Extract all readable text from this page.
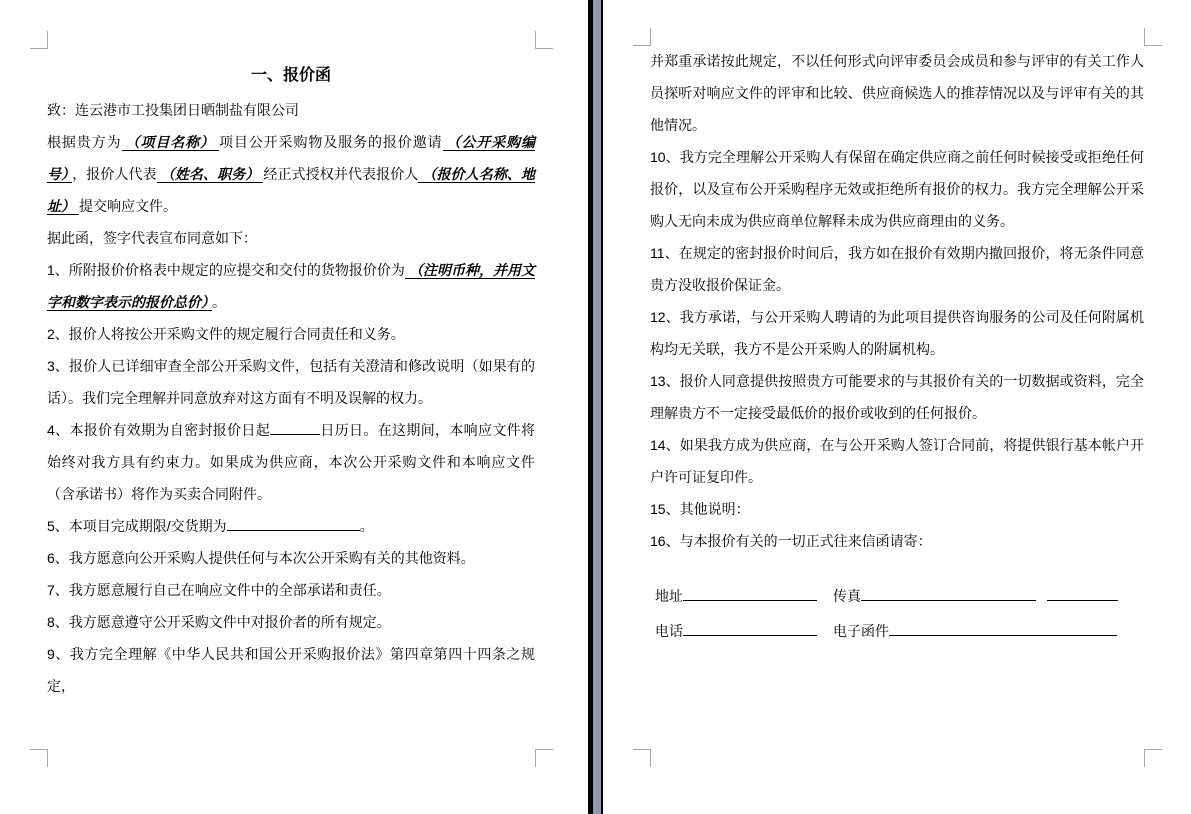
一、报价函

致：连云港市工投集团日晒制盐有限公司

根据贵方为 （项目名称） 项目公开采购物及服务的报价邀请 （公开采购编号） ，报价人代表 （姓名、职务） 经正式授权并代表报价人 （报价人名称、地址） 提交响应文件。

据此函，签字代表宣布同意如下：

1、所附报价价格表中规定的应提交和交付的货物报价价为 （注明币种，并用文字和数字表示的报价总价） 。

2、报价人将按公开采购文件的规定履行合同责任和义务。

3、报价人已详细审查全部公开采购文件，包括有关澄清和修改说明（如果有的话）。我们完全理解并同意放弃对这方面有不明及误解的权力。

4、本报价有效期为自密封报价日起	日历日。在这期间，本响应文件将始终对我方具有约束力。如果成为供应商，本次公开采购文件和本响应文件（含承诺书）将作为买卖合同附件。

5、本项目完成期限/交货期为	。

6、我方愿意向公开采购人提供任何与本次公开采购有关的其他资料。

7、我方愿意履行自己在响应文件中的全部承诺和责任。

8、我方愿意遵守公开采购文件中对报价者的所有规定。

9、我方完全理解《中华人民共和国公开采购报价法》第四章第四十四条之规定，

并郑重承诺按此规定，不以任何形式向评审委员会成员和参与评审的有关工作人员探听对响应文件的评审和比较、供应商候选人的推荐情况以及与评审有关的其他情况。

10、我方完全理解公开采购人有保留在确定供应商之前任何时候接受或拒绝任何报价，以及宣布公开采购程序无效或拒绝所有报价的权力。我方完全理解公开采购人无向未成为供应商单位解释未成为供应商理由的义务。

11、在规定的密封报价时间后，我方如在报价有效期内撤回报价，将无条件同意贵方没收报价保证金。

12、我方承诺，与公开采购人聘请的为此项目提供咨询服务的公司及任何附属机构均无关联，我方不是公开采购人的附属机构。

13、报价人同意提供按照贵方可能要求的与其报价有关的一切数据或资料，完全理解贵方不一定接受最低价的报价或收到的任何报价。

14、如果我方成为供应商，在与公开采购人签订合同前，将提供银行基本帐户开户许可证复印件。

15、其他说明：

16、与本报价有关的一切正式往来信函请寄：

地址	传真
电话	电子函件
